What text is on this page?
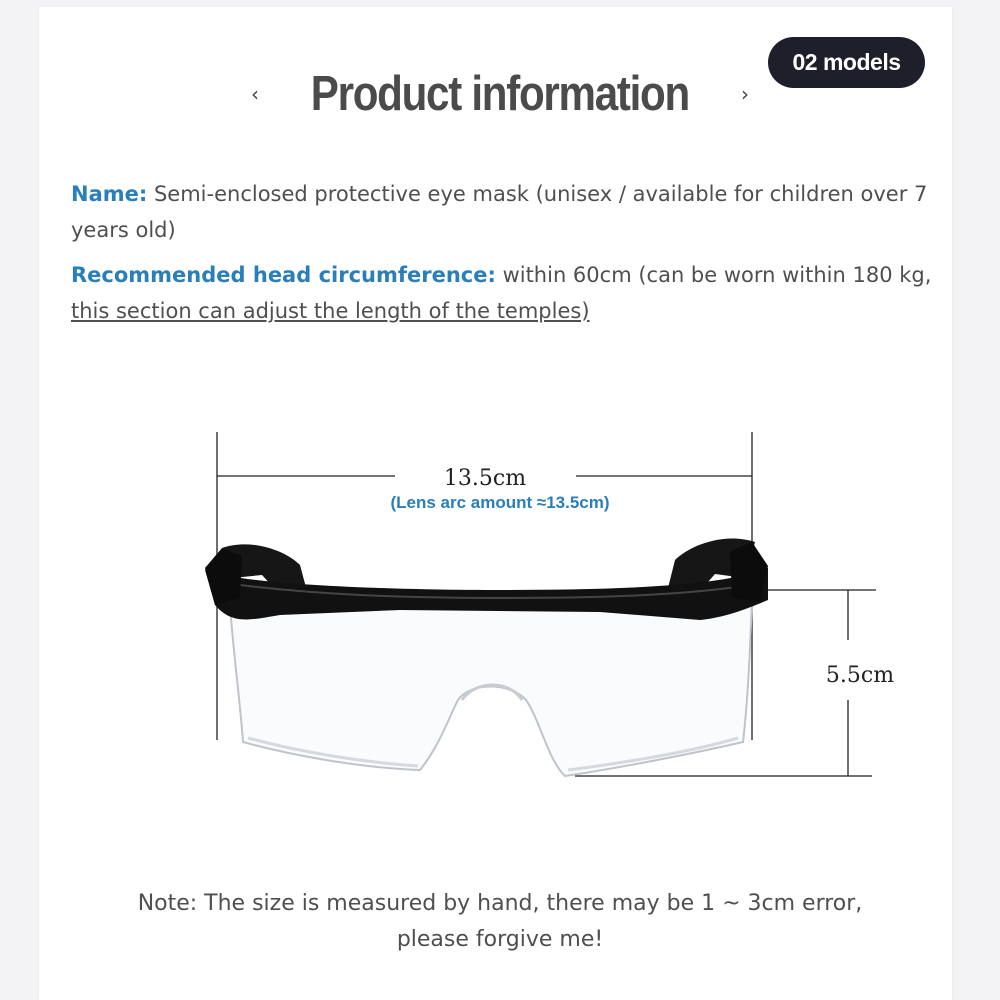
02 models
‹ Product information	›
Name: Semi-enclosed protective eye mask (unisex / available for children over 7 years old)
Recommended head circumference: within 60cm (can be worn within 180 kg, this section can adjust the length of the temples)
13.5cm
(Lens arc amount ≈13.5cm)
5.5cm
Note: The size is measured by hand, there may be 1 ~ 3cm error, please forgive me!
